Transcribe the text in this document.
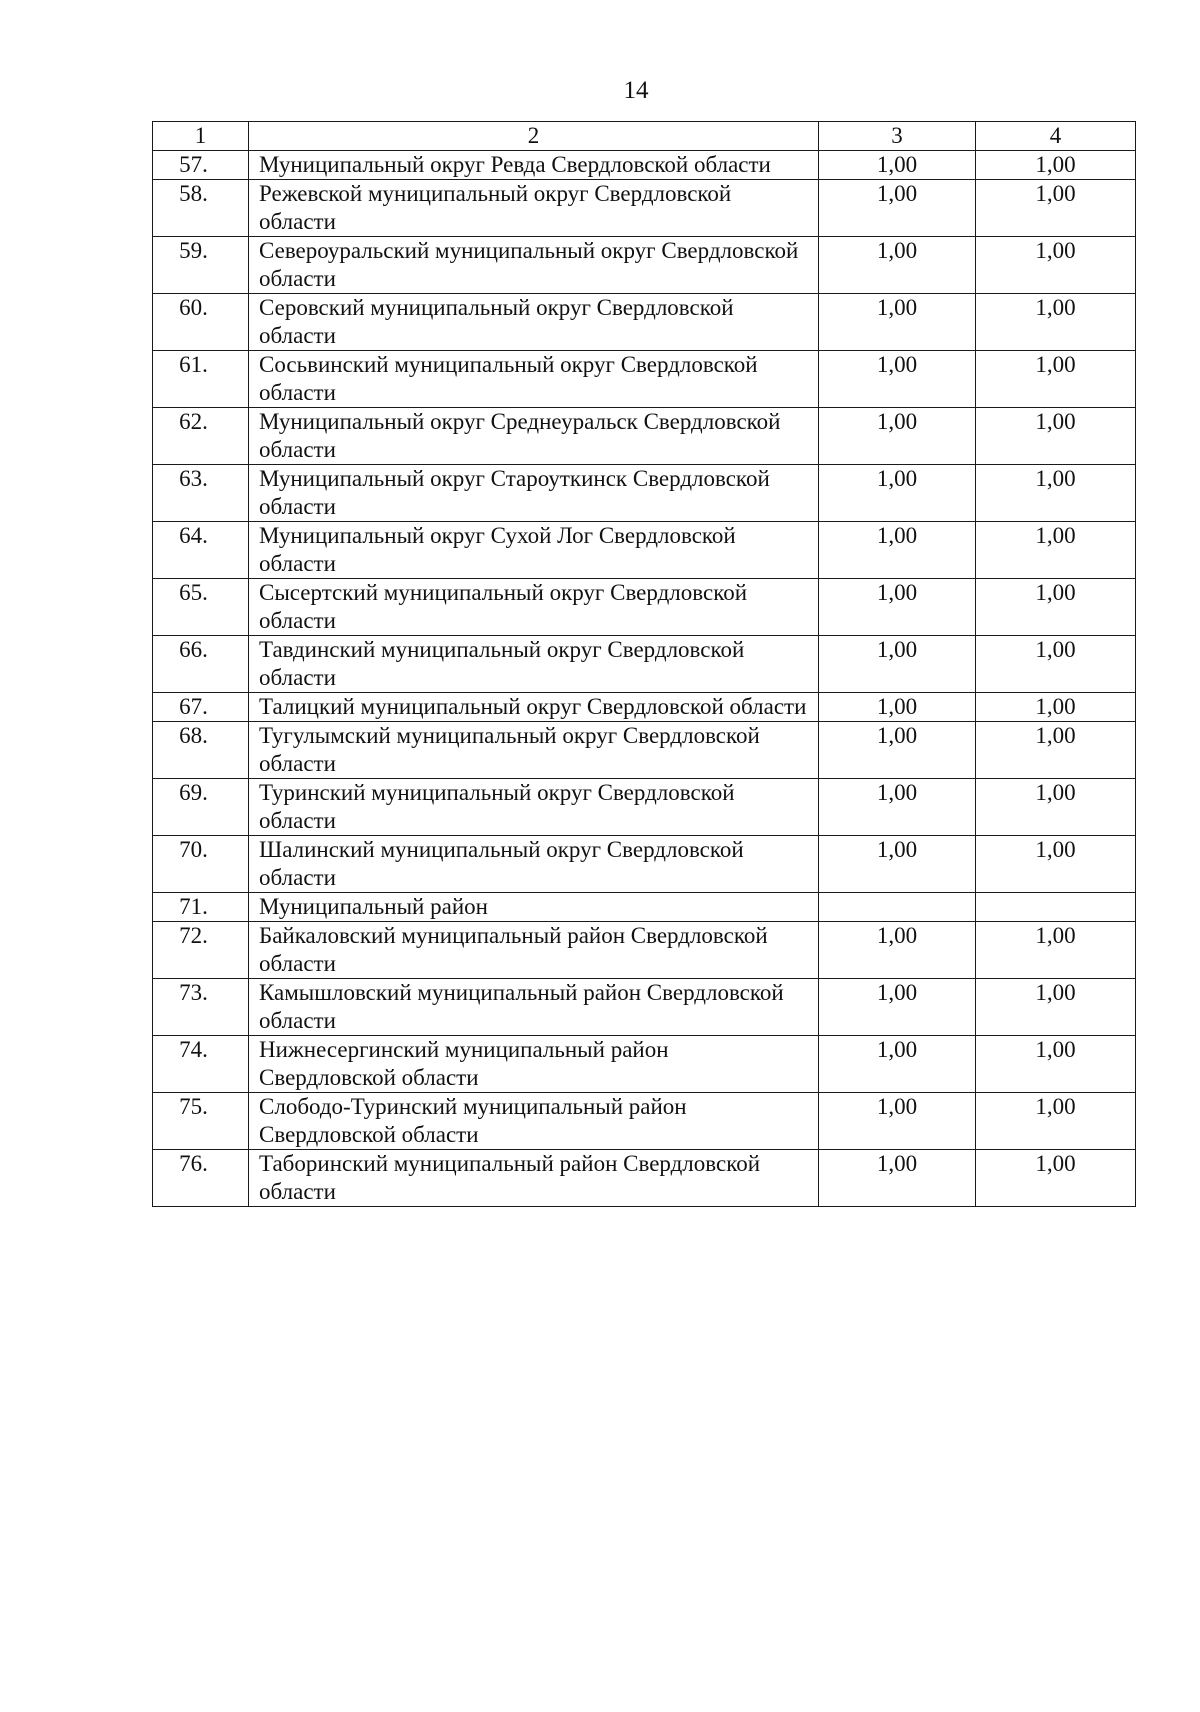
14
1	2	3	4
57.	Муниципальный округ Ревда Свердловской области	1,00	1,00
58.	Режевской муниципальный округ Свердловской области	1,00	1,00
59.	Североуральский муниципальный округ Свердловской области	1,00	1,00
60.	Серовский муниципальный округ Свердловской области	1,00	1,00
61.	Сосьвинский муниципальный округ Свердловской области	1,00	1,00
62.	Муниципальный округ Среднеуральск Свердловской области	1,00	1,00
63.	Муниципальный округ Староуткинск Свердловской области	1,00	1,00
64.	Муниципальный округ Сухой Лог Свердловской области	1,00	1,00
65.	Сысертский муниципальный округ Свердловской области	1,00	1,00
66.	Тавдинский муниципальный округ Свердловской области	1,00	1,00
67.	Талицкий муниципальный округ Свердловской области	1,00	1,00
68.	Тугулымский муниципальный округ Свердловской области	1,00	1,00
69.	Туринский муниципальный округ Свердловской области	1,00	1,00
70.	Шалинский муниципальный округ Свердловской области	1,00	1,00
71.	Муниципальный район		
72.	Байкаловский муниципальный район Свердловской области	1,00	1,00
73.	Камышловский муниципальный район Свердловской области	1,00	1,00
74.	Нижнесергинский муниципальный район Свердловской области	1,00	1,00
75.	Слободо-Туринский муниципальный район Свердловской области	1,00	1,00
76.	Таборинский муниципальный район Свердловской области	1,00	1,00
